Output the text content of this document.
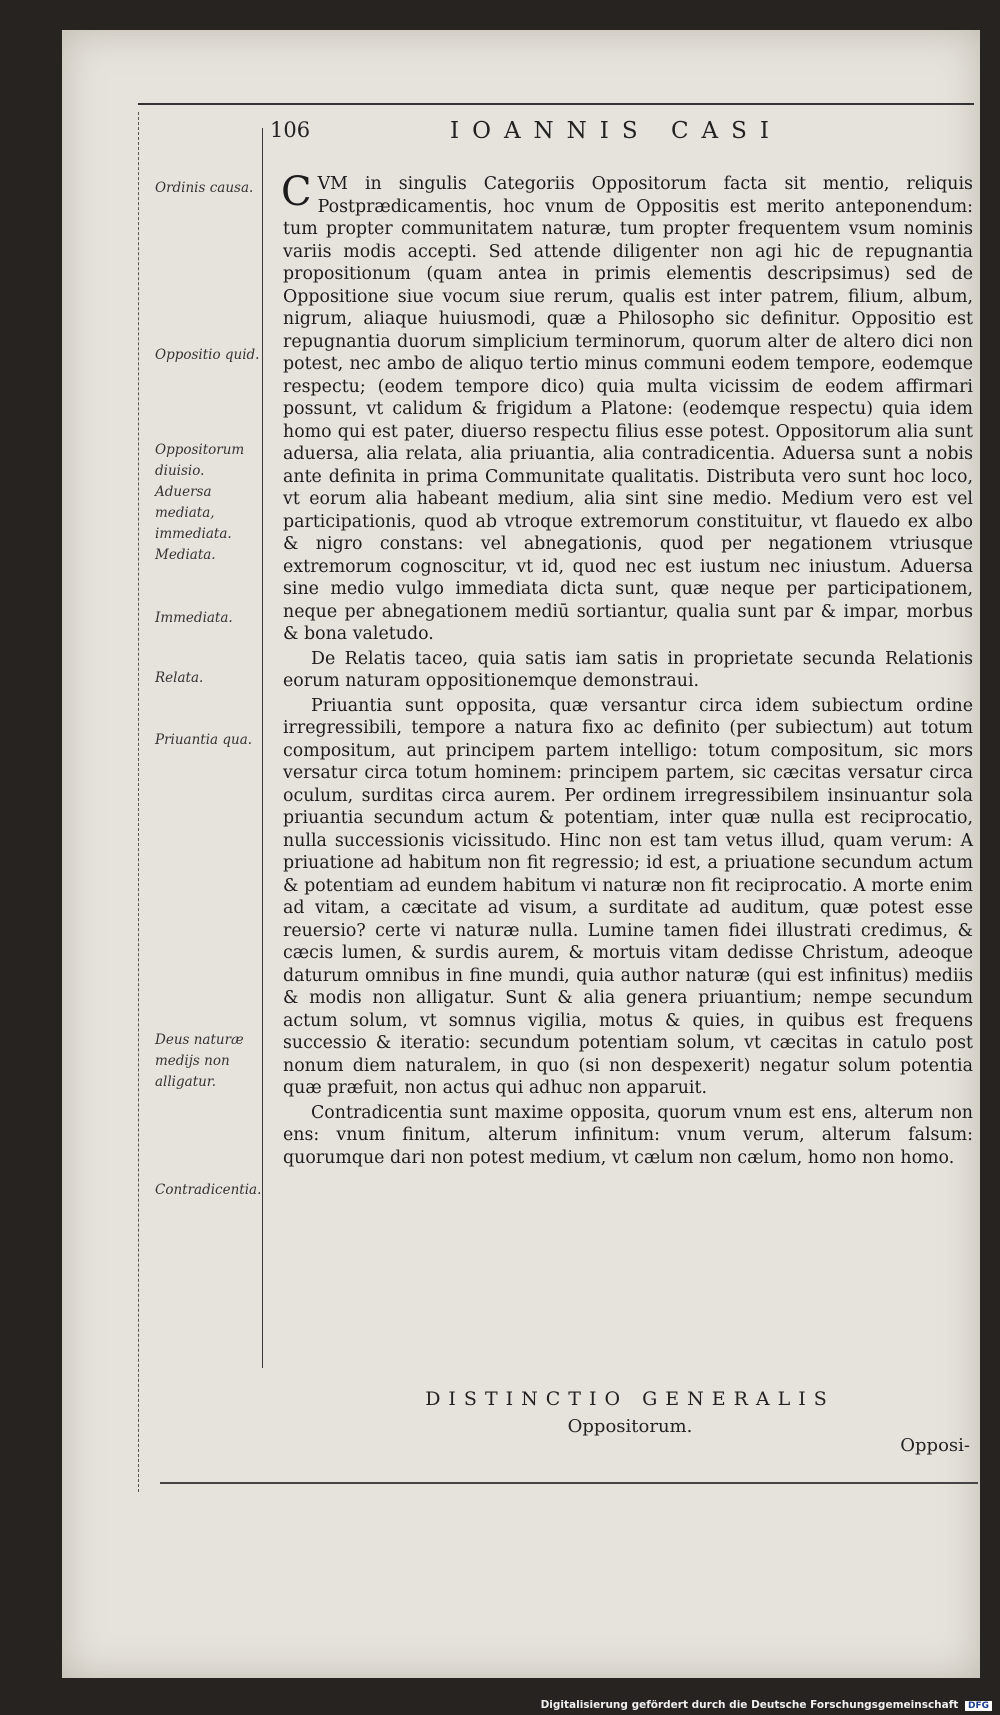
106	IOANNIS CASI
Ordinis causa.
Oppositio quid.
Oppositorum diuisio. Aduersa mediata, immediata. Mediata.
Immediata.
Relata.
Priuantia qua.
Deus naturæ medijs non alligatur.
Contradicentia.

CVM in singulis Categoriis Oppositorum facta sit mentio, reliquis Postprædicamentis, hoc vnum de Oppositis est merito anteponendum: tum propter communitatem naturæ, tum propter frequentem vsum nominis variis modis accepti. Sed attende diligenter non agi hic de repugnantia propositionum (quam antea in primis elementis descripsimus) sed de Oppositione siue vocum siue rerum, qualis est inter patrem, filium, album, nigrum, aliaque huiusmodi, quæ a Philosopho sic definitur. Oppositio est repugnantia duorum simplicium terminorum, quorum alter de altero dici non potest, nec ambo de aliquo tertio minus communi eodem tempore, eodemque respectu; (eodem tempore dico) quia multa vicissim de eodem affirmari possunt, vt calidum & frigidum a Platone: (eodemque respectu) quia idem homo qui est pater, diuerso respectu filius esse potest. Oppositorum alia sunt aduersa, alia relata, alia priuantia, alia contradicentia. Aduersa sunt a nobis ante definita in prima Communitate qualitatis. Distributa vero sunt hoc loco, vt eorum alia habeant medium, alia sint sine medio. Medium vero est vel participationis, quod ab vtroque extremorum constituitur, vt flauedo ex albo & nigro constans: vel abnegationis, quod per negationem vtriusque extremorum cognoscitur, vt id, quod nec est iustum nec iniustum. Aduersa sine medio vulgo immediata dicta sunt, quæ neque per participationem, neque per abnegationem mediū sortiantur, qualia sunt par & impar, morbus & bona valetudo.

De Relatis taceo, quia satis iam satis in proprietate secunda Relationis eorum naturam oppositionemque demonstraui.

Priuantia sunt opposita, quæ versantur circa idem subiectum ordine irregressibili, tempore a natura fixo ac definito (per subiectum) aut totum compositum, aut principem partem intelligo: totum compositum, sic mors versatur circa totum hominem: principem partem, sic cæcitas versatur circa oculum, surditas circa aurem. Per ordinem irregressibilem insinuantur sola priuantia secundum actum & potentiam, inter quæ nulla est reciprocatio, nulla successionis vicissitudo. Hinc non est tam vetus illud, quam verum: A priuatione ad habitum non fit regressio; id est, a priuatione secundum actum & potentiam ad eundem habitum vi naturæ non fit reciprocatio. A morte enim ad vitam, a cæcitate ad visum, a surditate ad auditum, quæ potest esse reuersio? certe vi naturæ nulla. Lumine tamen fidei illustrati credimus, & cæcis lumen, & surdis aurem, & mortuis vitam dedisse Christum, adeoque daturum omnibus in fine mundi, quia author naturæ (qui est infinitus) mediis & modis non alligatur. Sunt & alia genera priuantium; nempe secundum actum solum, vt somnus vigilia, motus & quies, in quibus est frequens successio & iteratio: secundum potentiam solum, vt cæcitas in catulo post nonum diem naturalem, in quo (si non despexerit) negatur solum potentia quæ præfuit, non actus qui adhuc non apparuit.

Contradicentia sunt maxime opposita, quorum vnum est ens, alterum non ens: vnum finitum, alterum infinitum: vnum verum, alterum falsum: quorumque dari non potest medium, vt cælum non cælum, homo non homo.

DISTINCTIO GENERALIS
Oppositorum.
Opposi-
Digitalisierung gefördert durch die Deutsche Forschungsgemeinschaft DFG
